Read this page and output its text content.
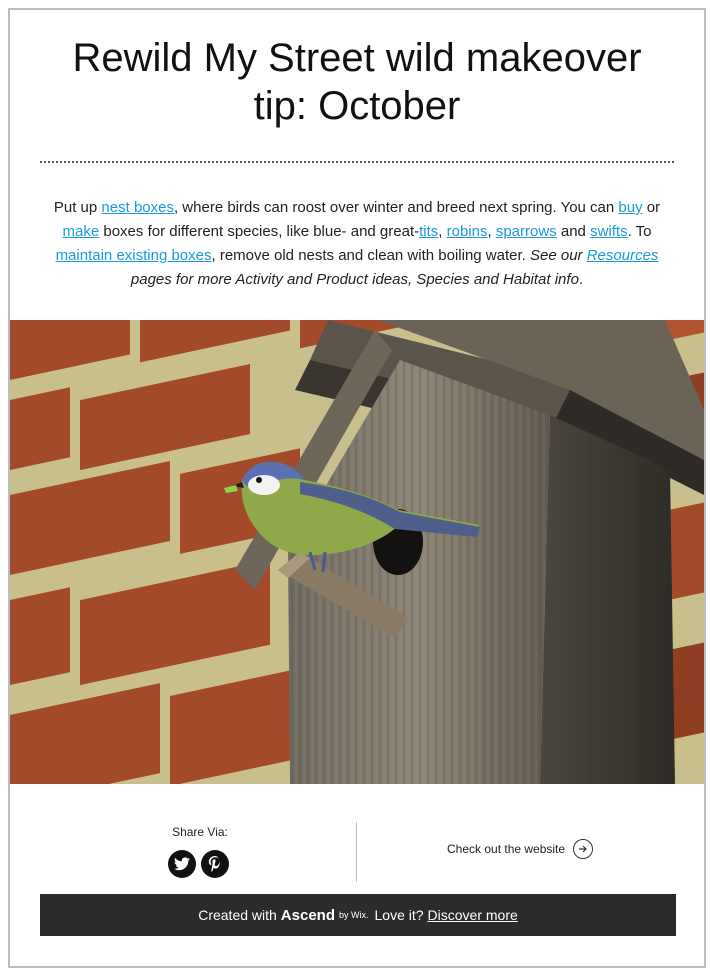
Rewild My Street wild makeover
tip: October

Put up nest boxes, where birds can roost over winter and breed next spring. You can buy or make boxes for different species, like blue- and great-tits, robins, sparrows and swifts. To maintain existing boxes, remove old nests and clean with boiling water. See our Resources pages for more Activity and Product ideas, Species and Habitat info.

Share Via:
Check out the website
Created with Ascend by Wix. Love it? Discover more
